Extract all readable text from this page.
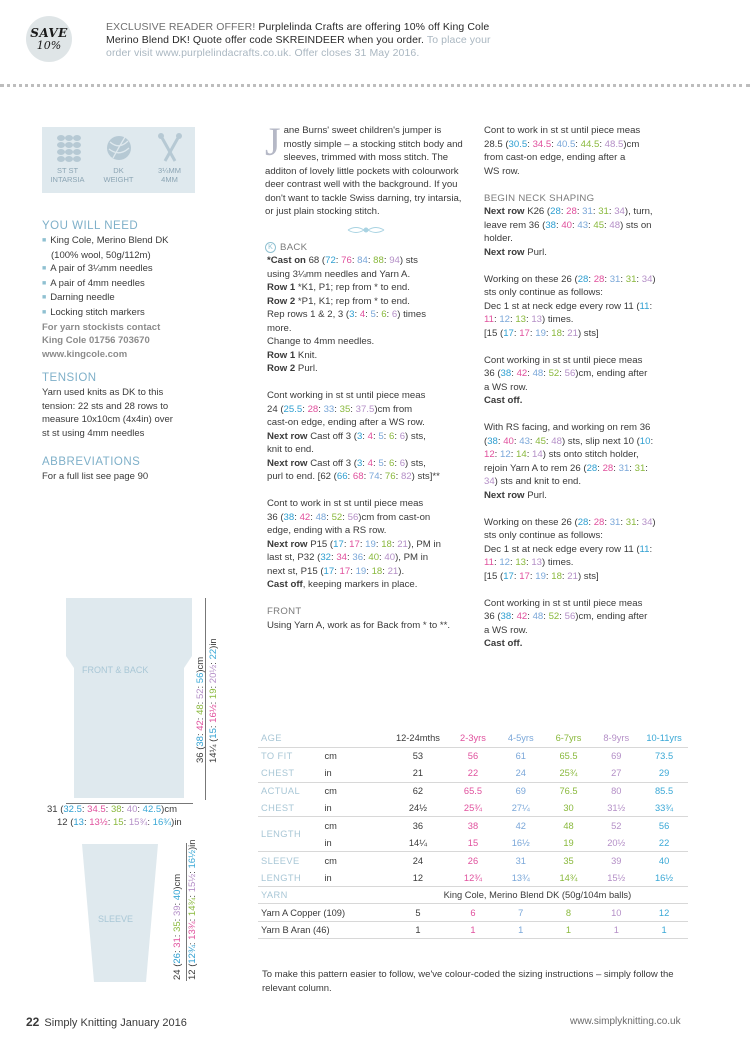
SAVE
10%
EXCLUSIVE READER OFFER! Purplelinda Crafts are offering 10% off King Cole Merino Blend DK! Quote offer code SKREINDEER when you order. To place your order visit www.purplelindacrafts.co.uk. Offer closes 31 May 2016.
ST ST
INTARSIA
DK
WEIGHT
3¼MM
4MM
YOU WILL NEED
■ King Cole, Merino Blend DK
(100% wool, 50g/112m)
■ A pair of 3¼mm needles
■ A pair of 4mm needles
■ Darning needle
■ Locking stitch markers
For yarn stockists contact
King Cole 01756 703670
www.kingcole.com
TENSION
Yarn used knits as DK to this
tension: 22 sts and 28 rows to
measure 10x10cm (4x4in) over
st st using 4mm needles
ABBREVIATIONS
For a full list see page 90
J ane Burns' sweet children's jumper is mostly simple – a stocking stitch body and sleeves, trimmed with moss stitch. The additon of lovely little pockets with colourwork deer contrast well with the background. If you don't want to tackle Swiss darning, try intarsia, or just plain stocking stitch.

K BACK

*Cast on 68 (72: 76: 84: 88: 94) sts

using 3¼mm needles and Yarn A.

Row 1 *K1, P1; rep from * to end.

Row 2 *P1, K1; rep from * to end.

Rep rows 1 & 2, 3 (3: 4: 5: 6: 6) times

more.

Change to 4mm needles.

Row 1 Knit.

Row 2 Purl.

Cont working in st st until piece meas

24 (25.5: 28: 33: 35: 37.5)cm from

cast-on edge, ending after a WS row.

Next row Cast off 3 (3: 4: 5: 6: 6) sts,

knit to end.

Next row Cast off 3 (3: 4: 5: 6: 6) sts,

purl to end. [62 (66: 68: 74: 76: 82) sts]**

Cont to work in st st until piece meas

36 (38: 42: 48: 52: 56)cm from cast-on

edge, ending with a RS row.

Next row P15 (17: 17: 19: 18: 21), PM in

last st, P32 (32: 34: 36: 40: 40), PM in

next st, P15 (17: 17: 19: 18: 21).

Cast off, keeping markers in place.

FRONT

Using Yarn A, work as for Back from * to **.

Cont to work in st st until piece meas

28.5 (30.5: 34.5: 40.5: 44.5: 48.5)cm

from cast-on edge, ending after a

WS row.

BEGIN NECK SHAPING

Next row K26 (28: 28: 31: 31: 34), turn,

leave rem 36 (38: 40: 43: 45: 48) sts on

holder.

Next row Purl.

Working on these 26 (28: 28: 31: 31: 34)

sts only continue as follows:

Dec 1 st at neck edge every row 11 (11:

11: 12: 13: 13) times.

[15 (17: 17: 19: 18: 21) sts]

Cont working in st st until piece meas

36 (38: 42: 48: 52: 56)cm, ending after

a WS row.

Cast off.

With RS facing, and working on rem 36

(38: 40: 43: 45: 48) sts, slip next 10 (10:

12: 12: 14: 14) sts onto stitch holder,

rejoin Yarn A to rem 26 (28: 28: 31: 31:

34) sts and knit to end.

Next row Purl.

Working on these 26 (28: 28: 31: 31: 34)

sts only continue as follows:

Dec 1 st at neck edge every row 11 (11:

11: 12: 13: 13) times.

[15 (17: 17: 19: 18: 21) sts]

Cont working in st st until piece meas

36 (38: 42: 48: 52: 56)cm, ending after

a WS row.

Cast off.

FRONT & BACK
36 (38: 42: 48: 52: 56)cm
14¼ (15: 16½: 19: 20½: 22)in
31 (32.5: 34.5: 38: 40: 42.5)cm
12 (13: 13½: 15: 15¾: 16¾)in
SLEEVE
24 (26: 31: 35: 39: 40)cm
12 (12¾: 13¾: 14¾: 15½: 16½)in
AGE		12-24mths	2-3yrs	4-5yrs	6-7yrs	8-9yrs	10-11yrs
TO FIT	cm	53	56	61	65.5	69	73.5
CHEST	in	21	22	24	25¾	27	29
ACTUAL	cm	62	65.5	69	76.5	80	85.5
CHEST	in	24½	25¾	27¼	30	31½	33¾
LENGTH	cm	36	38	42	48	52	56
	in	14¼	15	16½	19	20½	22
SLEEVE	cm	24	26	31	35	39	40
LENGTH	in	12	12¾	13¾	14¾	15½	16½
YARN		King Cole, Merino Blend DK (50g/104m balls)					
Yarn A Copper (109)		5	6	7	8	10	12
Yarn B Aran (46)		1	1	1	1	1	1
To make this pattern easier to follow, we've colour-coded the sizing instructions – simply follow the relevant column.
22 Simply Knitting January 2016	www.simplyknitting.co.uk
